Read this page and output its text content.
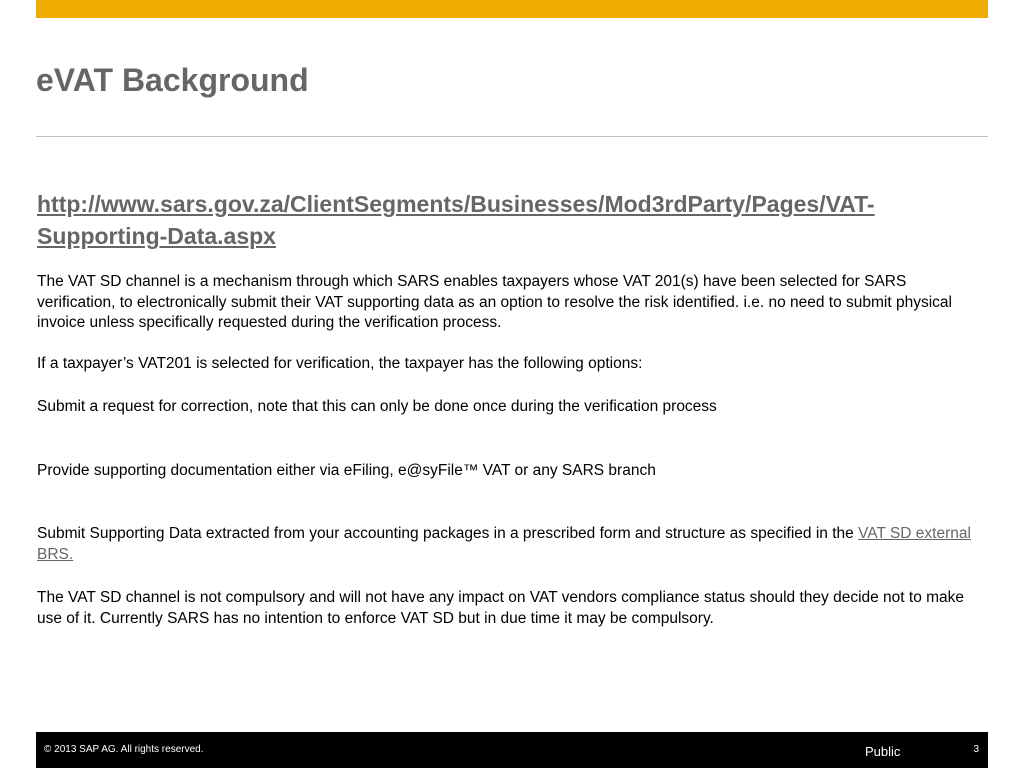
eVAT Background
http://www.sars.gov.za/ClientSegments/Businesses/Mod3rdParty/Pages/VAT-Supporting-Data.aspx

The VAT SD channel is a mechanism through which SARS enables taxpayers whose VAT 201(s) have been selected for SARS verification, to electronically submit their VAT supporting data as an option to resolve the risk identified. i.e. no need to submit physical invoice unless specifically requested during the verification process.

If a taxpayer’s VAT201 is selected for verification, the taxpayer has the following options:

Submit a request for correction, note that this can only be done once during the verification process

Provide supporting documentation either via eFiling, e@syFile™ VAT or any SARS branch

Submit Supporting Data extracted from your accounting packages in a prescribed form and structure as specified in the VAT SD external BRS.

The VAT SD channel is not compulsory and will not have any impact on VAT vendors compliance status should they decide not to make use of it. Currently SARS has no intention to enforce VAT SD but in due time it may be compulsory.

© 2013 SAP AG. All rights reserved.	Public	3
